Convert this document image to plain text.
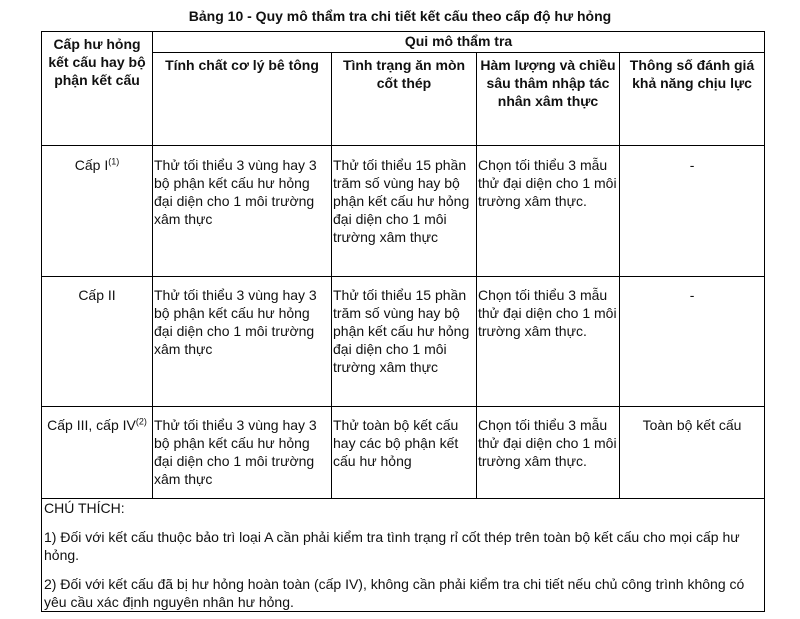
Bảng 10 - Quy mô thẩm tra chi tiết kết cấu theo cấp độ hư hỏng
Cấp hư hỏng kết cấu hay bộ phận kết cấu	Qui mô thẩm tra			
	Tính chất cơ lý bê tông	Tình trạng ăn mòn cốt thép	Hàm lượng và chiều sâu thâm nhập tác nhân xâm thực	Thông số đánh giá khả năng chịu lực
Cấp $I^{(1)}$	Thử tối thiểu 3 vùng hay 3 bộ phận kết cấu hư hỏng đại diện cho 1 môi trường xâm thực	Thử tối thiểu 15 phần trăm số vùng hay bộ phận kết cấu hư hỏng đại diện cho 1 môi trường xâm thực	Chọn tối thiểu 3 mẫu thử đại diện cho 1 môi trường xâm thực.	-
Cấp II	Thử tối thiểu 3 vùng hay 3 bộ phận kết cấu hư hỏng đại diện cho 1 môi trường xâm thực	Thử tối thiểu 15 phần trăm số vùng hay bộ phận kết cấu hư hỏng đại diện cho 1 môi trường xâm thực	Chọn tối thiểu 3 mẫu thử đại diện cho 1 môi trường xâm thực.	-
Cấp III, cấp IV$^{(2)}$	Thử tối thiểu 3 vùng hay 3 bộ phận kết cấu hư hỏng đại diện cho 1 môi trường xâm thực	Thử toàn bộ kết cấu hay các bộ phận kết cấu hư hỏng	Chọn tối thiểu 3 mẫu thử đại diện cho 1 môi trường xâm thực.	Toàn bộ kết cấu

CHÚ THÍCH:
1) Đối với kết cấu thuộc bảo trì loại A cần phải kiểm tra tình trạng rỉ cốt thép trên toàn bộ kết cấu cho mọi cấp hư hỏng.
2) Đối với kết cấu đã bị hư hỏng hoàn toàn (cấp IV), không cần phải kiểm tra chi tiết nếu chủ công trình không có yêu cầu xác định nguyên nhân hư hỏng.				
